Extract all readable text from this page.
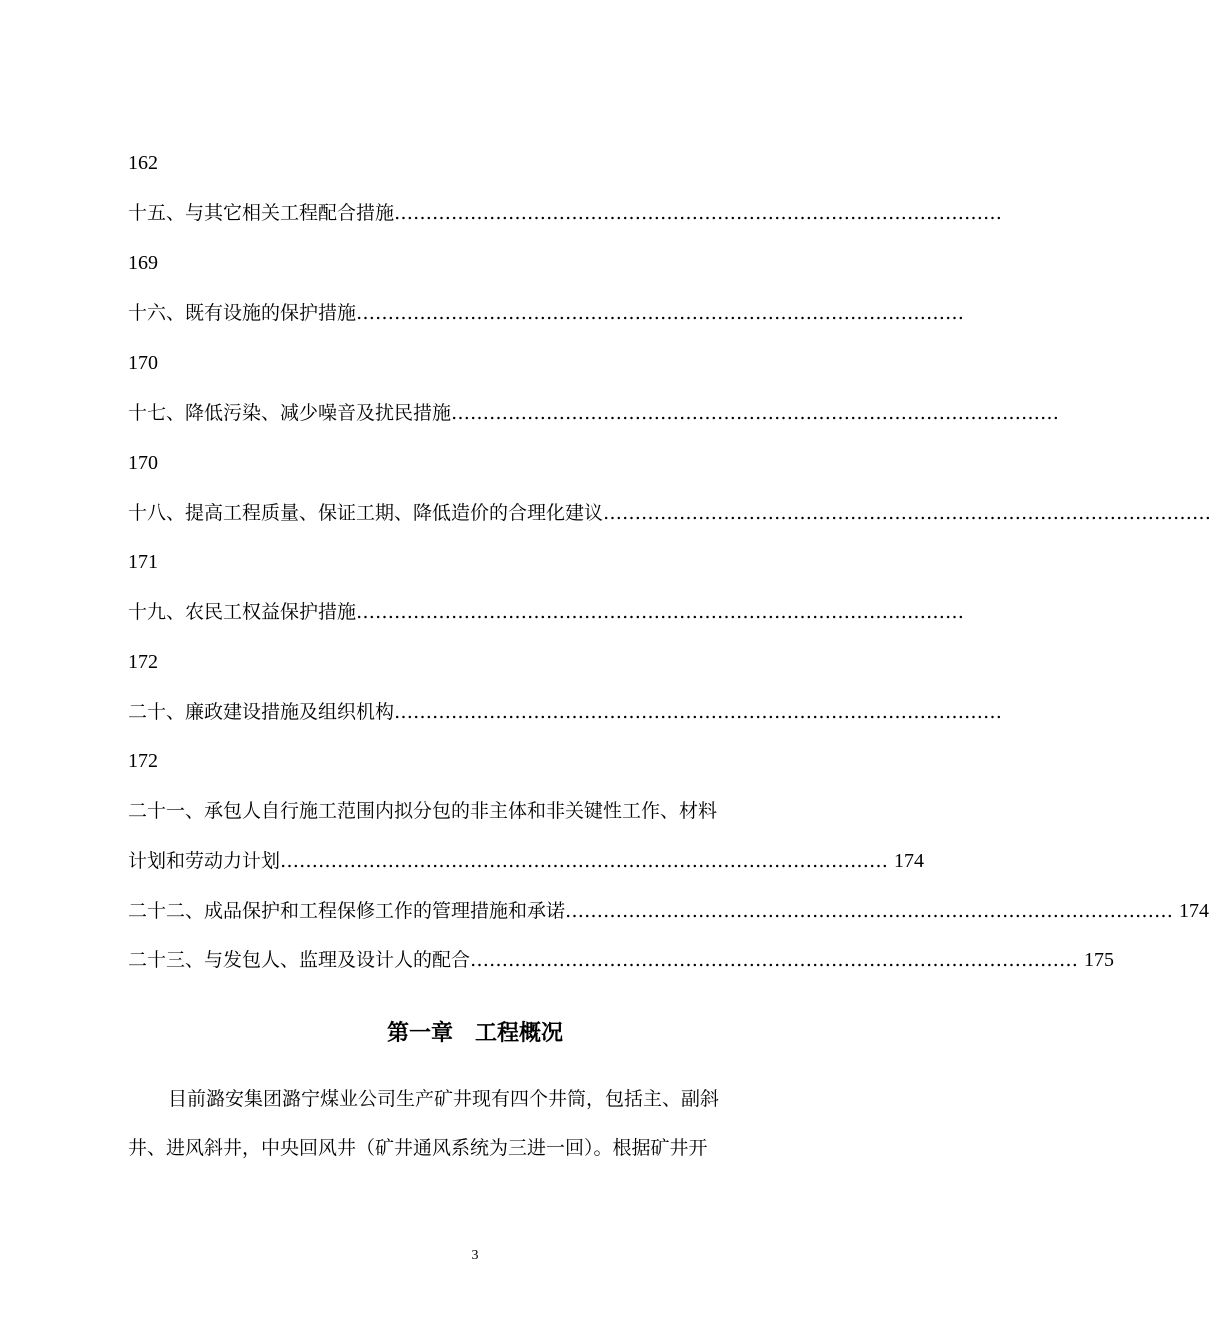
162
十五、与其它相关工程配合措施 ……………………………………………………………………………………
169
十六、既有设施的保护措施 ……………………………………………………………………………………
170
十七、降低污染、减少噪音及扰民措施 ……………………………………………………………………………………
170
十八、提高工程质量、保证工期、降低造价的合理化建议 ……………………………………………………………………………………
171
十九、农民工权益保护措施 ……………………………………………………………………………………
172
二十、廉政建设措施及组织机构 ……………………………………………………………………………………
172
二十一、承包人自行施工范围内拟分包的非主体和非关键性工作、材料
计划和劳动力计划 …………………………………………………………………………………… 174
二十二、成品保护和工程保修工作的管理措施和承诺 …………………………………………………………………………………… 174
二十三、与发包人、监理及设计人的配合 …………………………………………………………………………………… 175
第一章　工程概况
目前潞安集团潞宁煤业公司生产矿井现有四个井筒，包括主、副斜
井、进风斜井，中央回风井（矿井通风系统为三进一回）。根据矿井开
3
